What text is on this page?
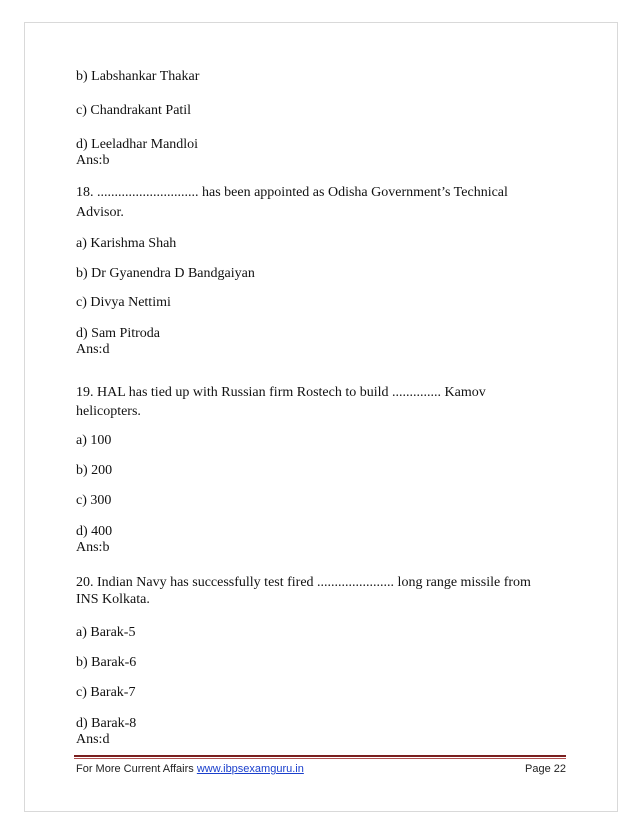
b) Labshankar Thakar
c) Chandrakant Patil
d) Leeladhar Mandloi
Ans:b
18. ............................. has been appointed as Odisha Government’s Technical
Advisor.
a) Karishma Shah
b) Dr Gyanendra D Bandgaiyan
c) Divya Nettimi
d) Sam Pitroda
Ans:d
19. HAL has tied up with Russian firm Rostech to build .............. Kamov
helicopters.
a) 100
b) 200
c) 300
d) 400
Ans:b
20. Indian Navy has successfully test fired ...................... long range missile from
INS Kolkata.
a) Barak-5
b) Barak-6
c) Barak-7
d) Barak-8
Ans:d
For More Current Affairs www.ibpsexamguru.in	Page 22
